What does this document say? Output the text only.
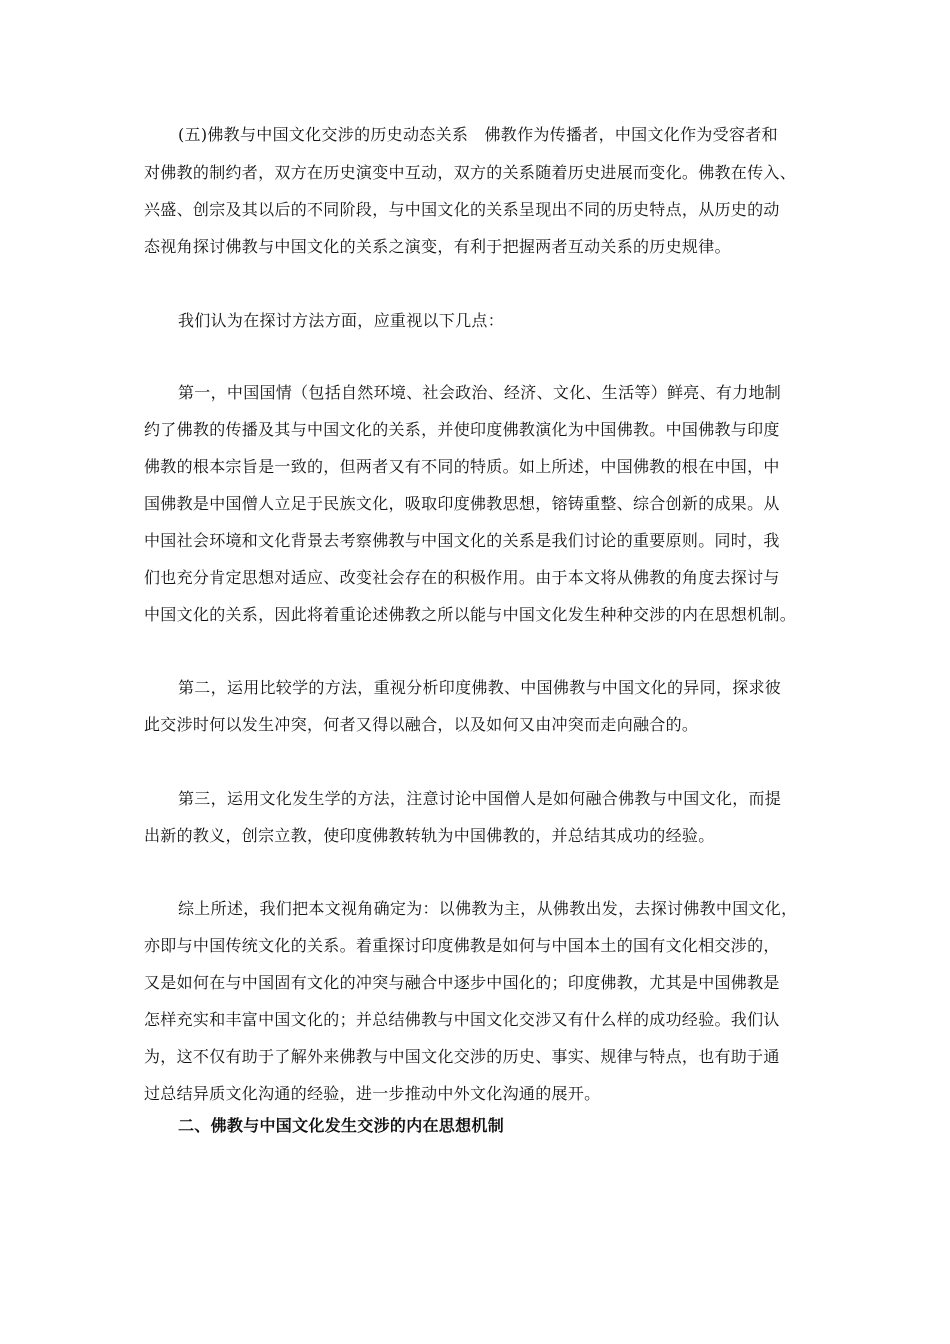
(五)佛教与中国文化交涉的历史动态关系　佛教作为传播者，中国文化作为受容者和
对佛教的制约者，双方在历史演变中互动，双方的关系随着历史进展而变化。佛教在传入、
兴盛、创宗及其以后的不同阶段，与中国文化的关系呈现出不同的历史特点，从历史的动
态视角探讨佛教与中国文化的关系之演变，有利于把握两者互动关系的历史规律。
我们认为在探讨方法方面，应重视以下几点：
第一，中国国情（包括自然环境、社会政治、经济、文化、生活等）鲜亮、有力地制
约了佛教的传播及其与中国文化的关系，并使印度佛教演化为中国佛教。中国佛教与印度
佛教的根本宗旨是一致的，但两者又有不同的特质。如上所述，中国佛教的根在中国，中
国佛教是中国僧人立足于民族文化，吸取印度佛教思想，镕铸重整、综合创新的成果。从
中国社会环境和文化背景去考察佛教与中国文化的关系是我们讨论的重要原则。同时，我
们也充分肯定思想对适应、改变社会存在的积极作用。由于本文将从佛教的角度去探讨与
中国文化的关系，因此将着重论述佛教之所以能与中国文化发生种种交涉的内在思想机制。
第二，运用比较学的方法，重视分析印度佛教、中国佛教与中国文化的异同，探求彼
此交涉时何以发生冲突，何者又得以融合，以及如何又由冲突而走向融合的。
第三，运用文化发生学的方法，注意讨论中国僧人是如何融合佛教与中国文化，而提
出新的教义，创宗立教，使印度佛教转轨为中国佛教的，并总结其成功的经验。
综上所述，我们把本文视角确定为：以佛教为主，从佛教出发，去探讨佛教中国文化，
亦即与中国传统文化的关系。着重探讨印度佛教是如何与中国本土的国有文化相交涉的，
又是如何在与中国固有文化的冲突与融合中逐步中国化的；印度佛教，尤其是中国佛教是
怎样充实和丰富中国文化的；并总结佛教与中国文化交涉又有什么样的成功经验。我们认
为，这不仅有助于了解外来佛教与中国文化交涉的历史、事实、规律与特点，也有助于通
过总结异质文化沟通的经验，进一步推动中外文化沟通的展开。
二、佛教与中国文化发生交涉的内在思想机制
